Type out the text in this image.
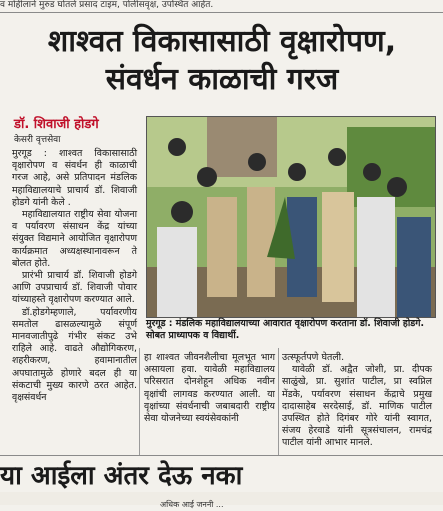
व मोहीलाने मुरुड घोतले प्रसाद टाइम, पोलीसवृक्ष, उपस्थित आहेत.
शाश्वत विकासासाठी वृक्षारोपण,
संवर्धन काळाची गरज
डॉ. शिवाजी होडगे
केसरी वृत्तसेवा

मुरगूड : शाश्वत विकासासाठी वृक्षारोपण व संवर्धन ही काळाची गरज आहे, असे प्रतिपादन मंडलिक महाविद्यालयाचे प्राचार्य डॉ. शिवाजी होडगे यांनी केले .

महाविद्यालयात राष्ट्रीय सेवा योजना व पर्यावरण संसाधन केंद्र यांच्या संयुक्त विद्यमाने आयोजित वृक्षारोपण कार्यक्रमात अध्यक्षस्थानावरून ते बोलत होते.

प्रारंभी प्राचार्य डॉ. शिवाजी होडगे आणि उपप्राचार्य डॉ. शिवाजी पोवार यांच्याहस्ते वृक्षारोपण करण्यात आले.

डॉ.होडगेम्हणाले, पर्यावरणीय समतोल ढासळल्यामुळे संपूर्ण मानवजातीपुढे गंभीर संकट उभे राहिले आहे. वाढते औद्योगिकरण, शहरीकरण, हवामानातील अपघातामुळे होणारे बदल ही या संकटाची मुख्य कारणे ठरत आहेत. वृक्षसंवर्धन

मुरगूड : मंडलिक महाविद्यालयाच्या आवारात वृक्षारोपण करताना डॉ. शिवाजी होडगे. सोबत प्राध्यापक व विद्यार्थी.

हा शाश्वत जीवनशैलीचा मूलभूत भाग असायला हवा. यावेळी महाविद्यालय परिसरात दोनशेहून अधिक नवीन वृक्षांची लागवड करण्यात आली. या वृक्षांच्या संवर्धनाची जबाबदारी राष्ट्रीय सेवा योजनेच्या स्वयंसेवकांनी

उत्स्फूर्तपणे घेतली.

यावेळी डॉ. अद्वैत जोशी, प्रा. दीपक साळुंखे, प्रा. सुशांत पाटील, प्रा स्वप्निल मेंडके, पर्यावरण संसाधन केंद्राचे प्रमुख दादासाहेब सरदेसाई, डॉ. माणिक पाटील उपस्थित होते दिगंबर गोरे यांनी स्वागत, संजय हेरवाडे यांनी सूत्रसंचालन, रामचंद्र पाटील यांनी आभार मानले.

या आईला अंतर देऊ नका
अधिक आई जननी ...
